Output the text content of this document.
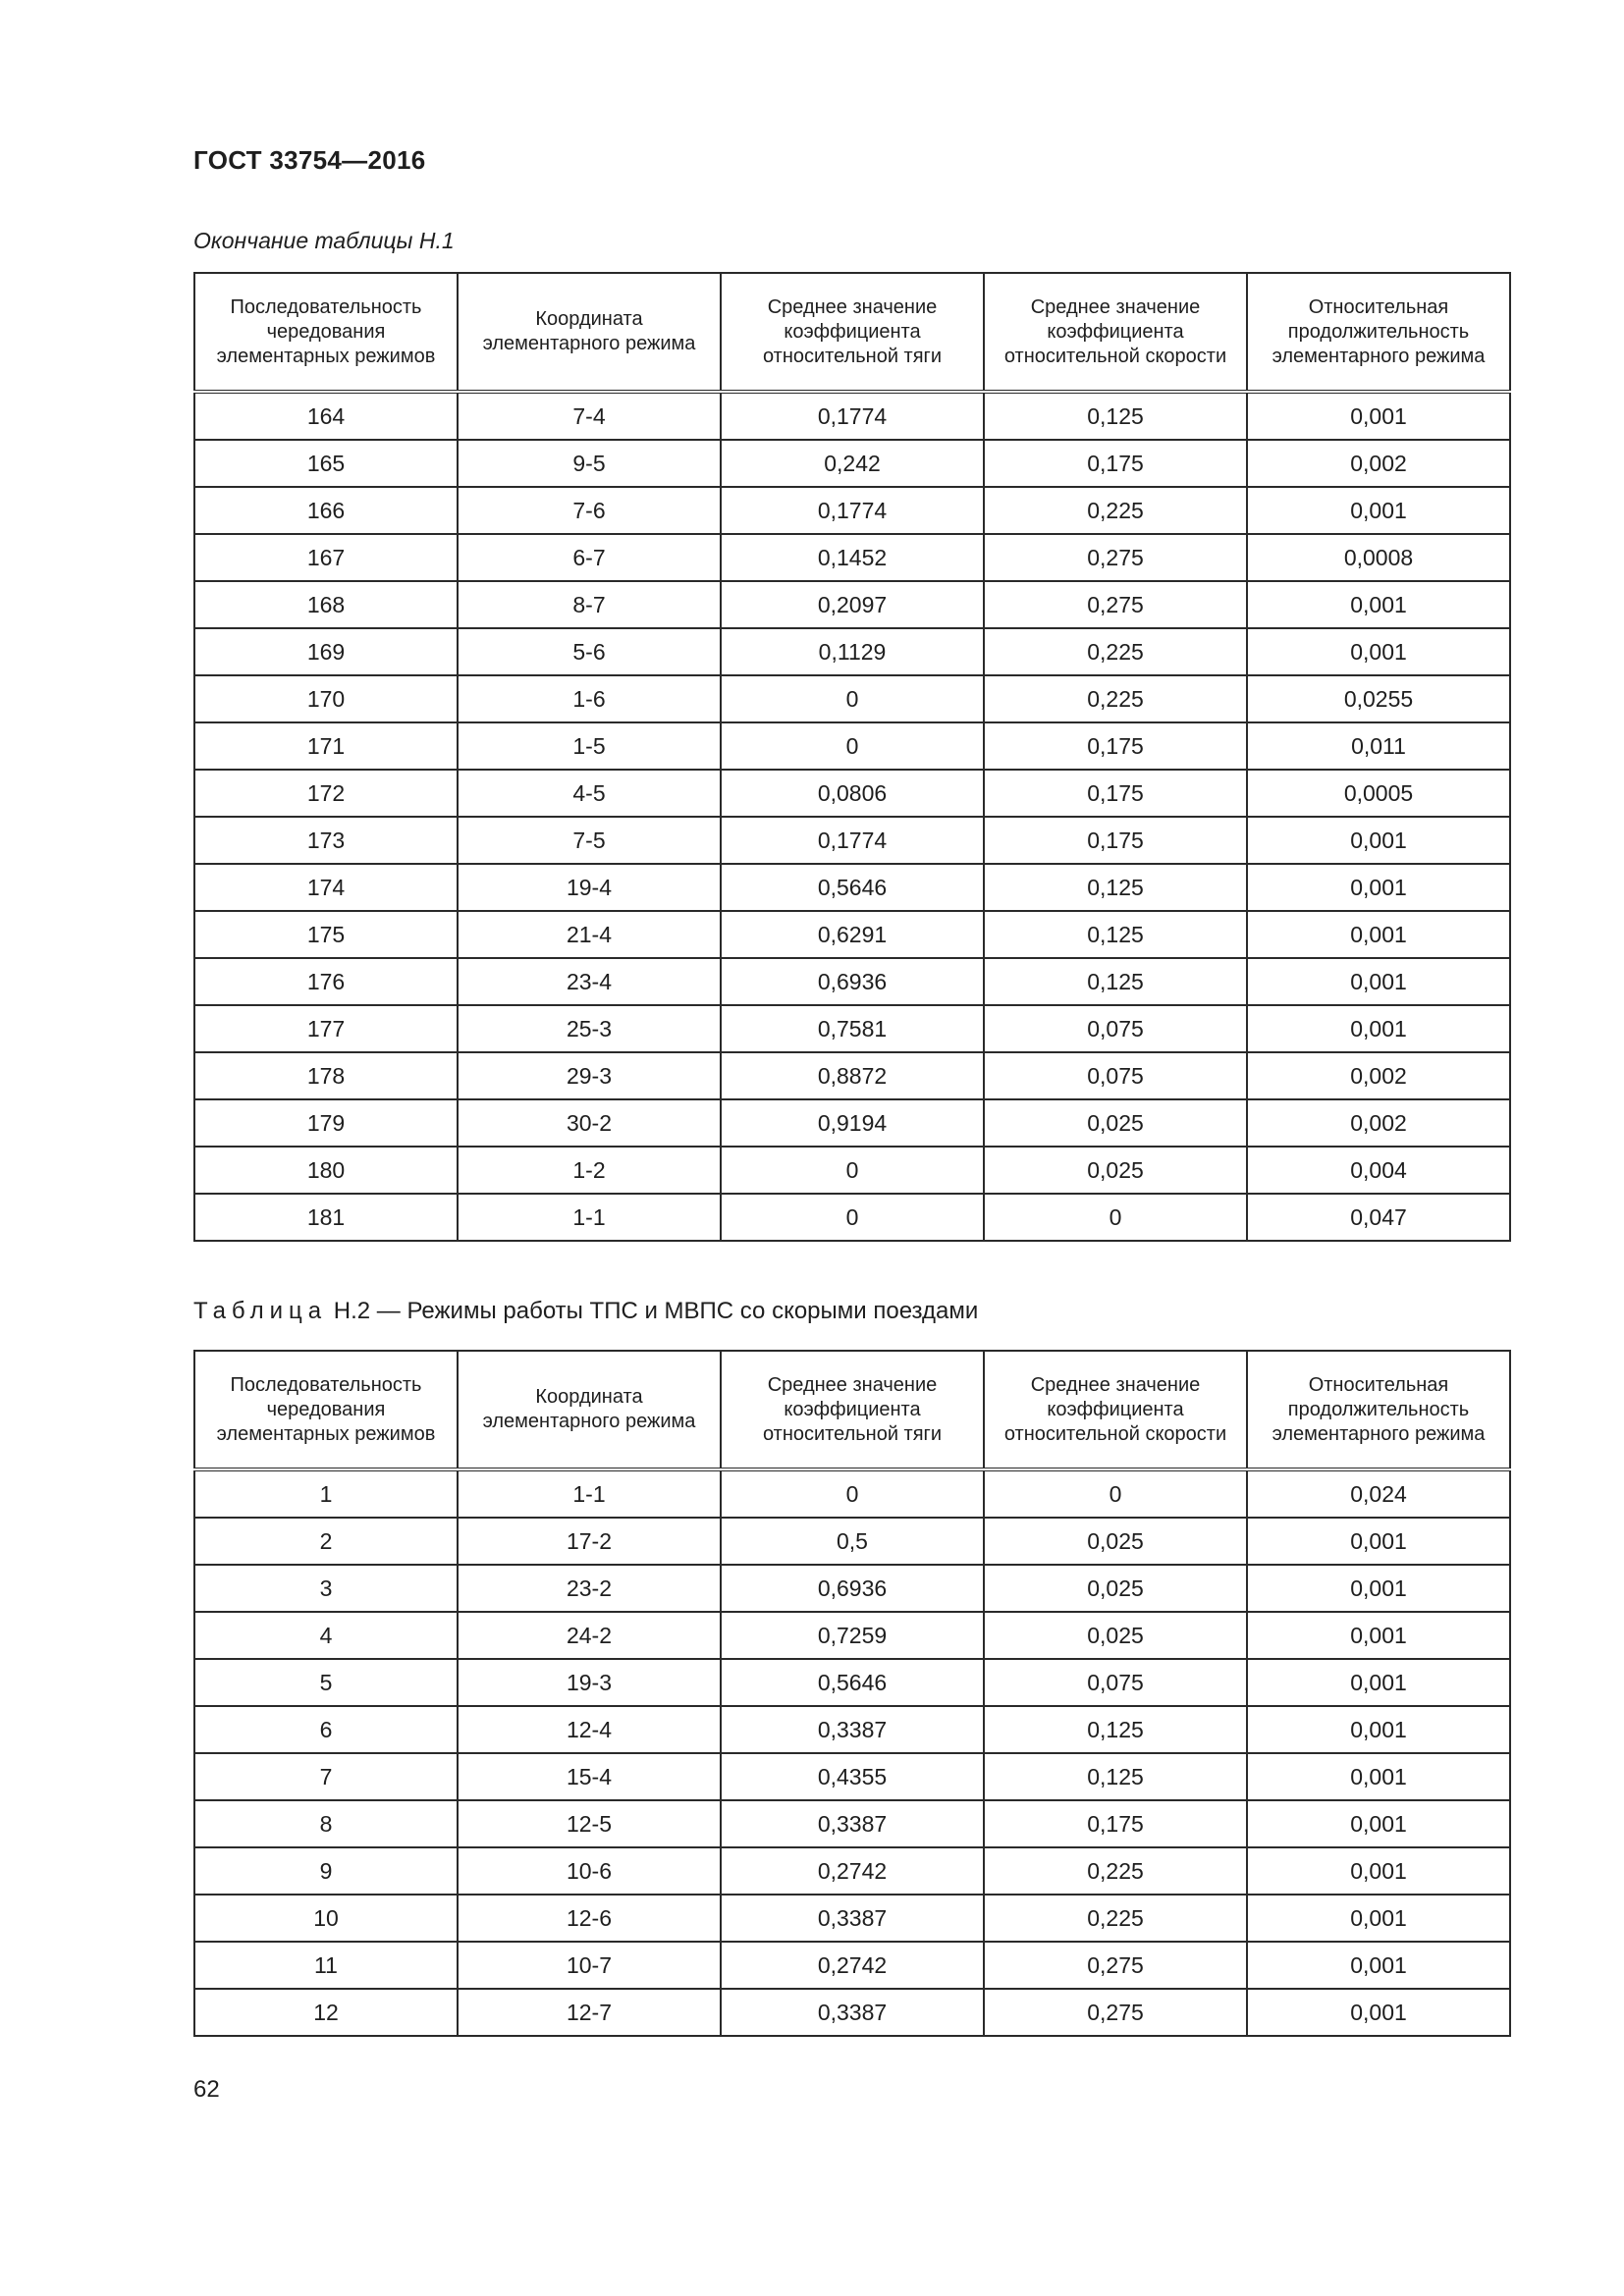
ГОСТ 33754—2016
Окончание таблицы Н.1
Последовательность чередования элементарных режимов	Координата элементарного режима	Среднее значение коэффициента относительной тяги	Среднее значение коэффициента относительной скорости	Относительная продолжительность элементарного режима
164	7-4	0,1774	0,125	0,001
165	9-5	0,242	0,175	0,002
166	7-6	0,1774	0,225	0,001
167	6-7	0,1452	0,275	0,0008
168	8-7	0,2097	0,275	0,001
169	5-6	0,1129	0,225	0,001
170	1-6	0	0,225	0,0255
171	1-5	0	0,175	0,011
172	4-5	0,0806	0,175	0,0005
173	7-5	0,1774	0,175	0,001
174	19-4	0,5646	0,125	0,001
175	21-4	0,6291	0,125	0,001
176	23-4	0,6936	0,125	0,001
177	25-3	0,7581	0,075	0,001
178	29-3	0,8872	0,075	0,002
179	30-2	0,9194	0,025	0,002
180	1-2	0	0,025	0,004
181	1-1	0	0	0,047
Таблица Н.2 — Режимы работы ТПС и МВПС со скорыми поездами
Последовательность чередования элементарных режимов	Координата элементарного режима	Среднее значение коэффициента относительной тяги	Среднее значение коэффициента относительной скорости	Относительная продолжительность элементарного режима
1	1-1	0	0	0,024
2	17-2	0,5	0,025	0,001
3	23-2	0,6936	0,025	0,001
4	24-2	0,7259	0,025	0,001
5	19-3	0,5646	0,075	0,001
6	12-4	0,3387	0,125	0,001
7	15-4	0,4355	0,125	0,001
8	12-5	0,3387	0,175	0,001
9	10-6	0,2742	0,225	0,001
10	12-6	0,3387	0,225	0,001
11	10-7	0,2742	0,275	0,001
12	12-7	0,3387	0,275	0,001
62
